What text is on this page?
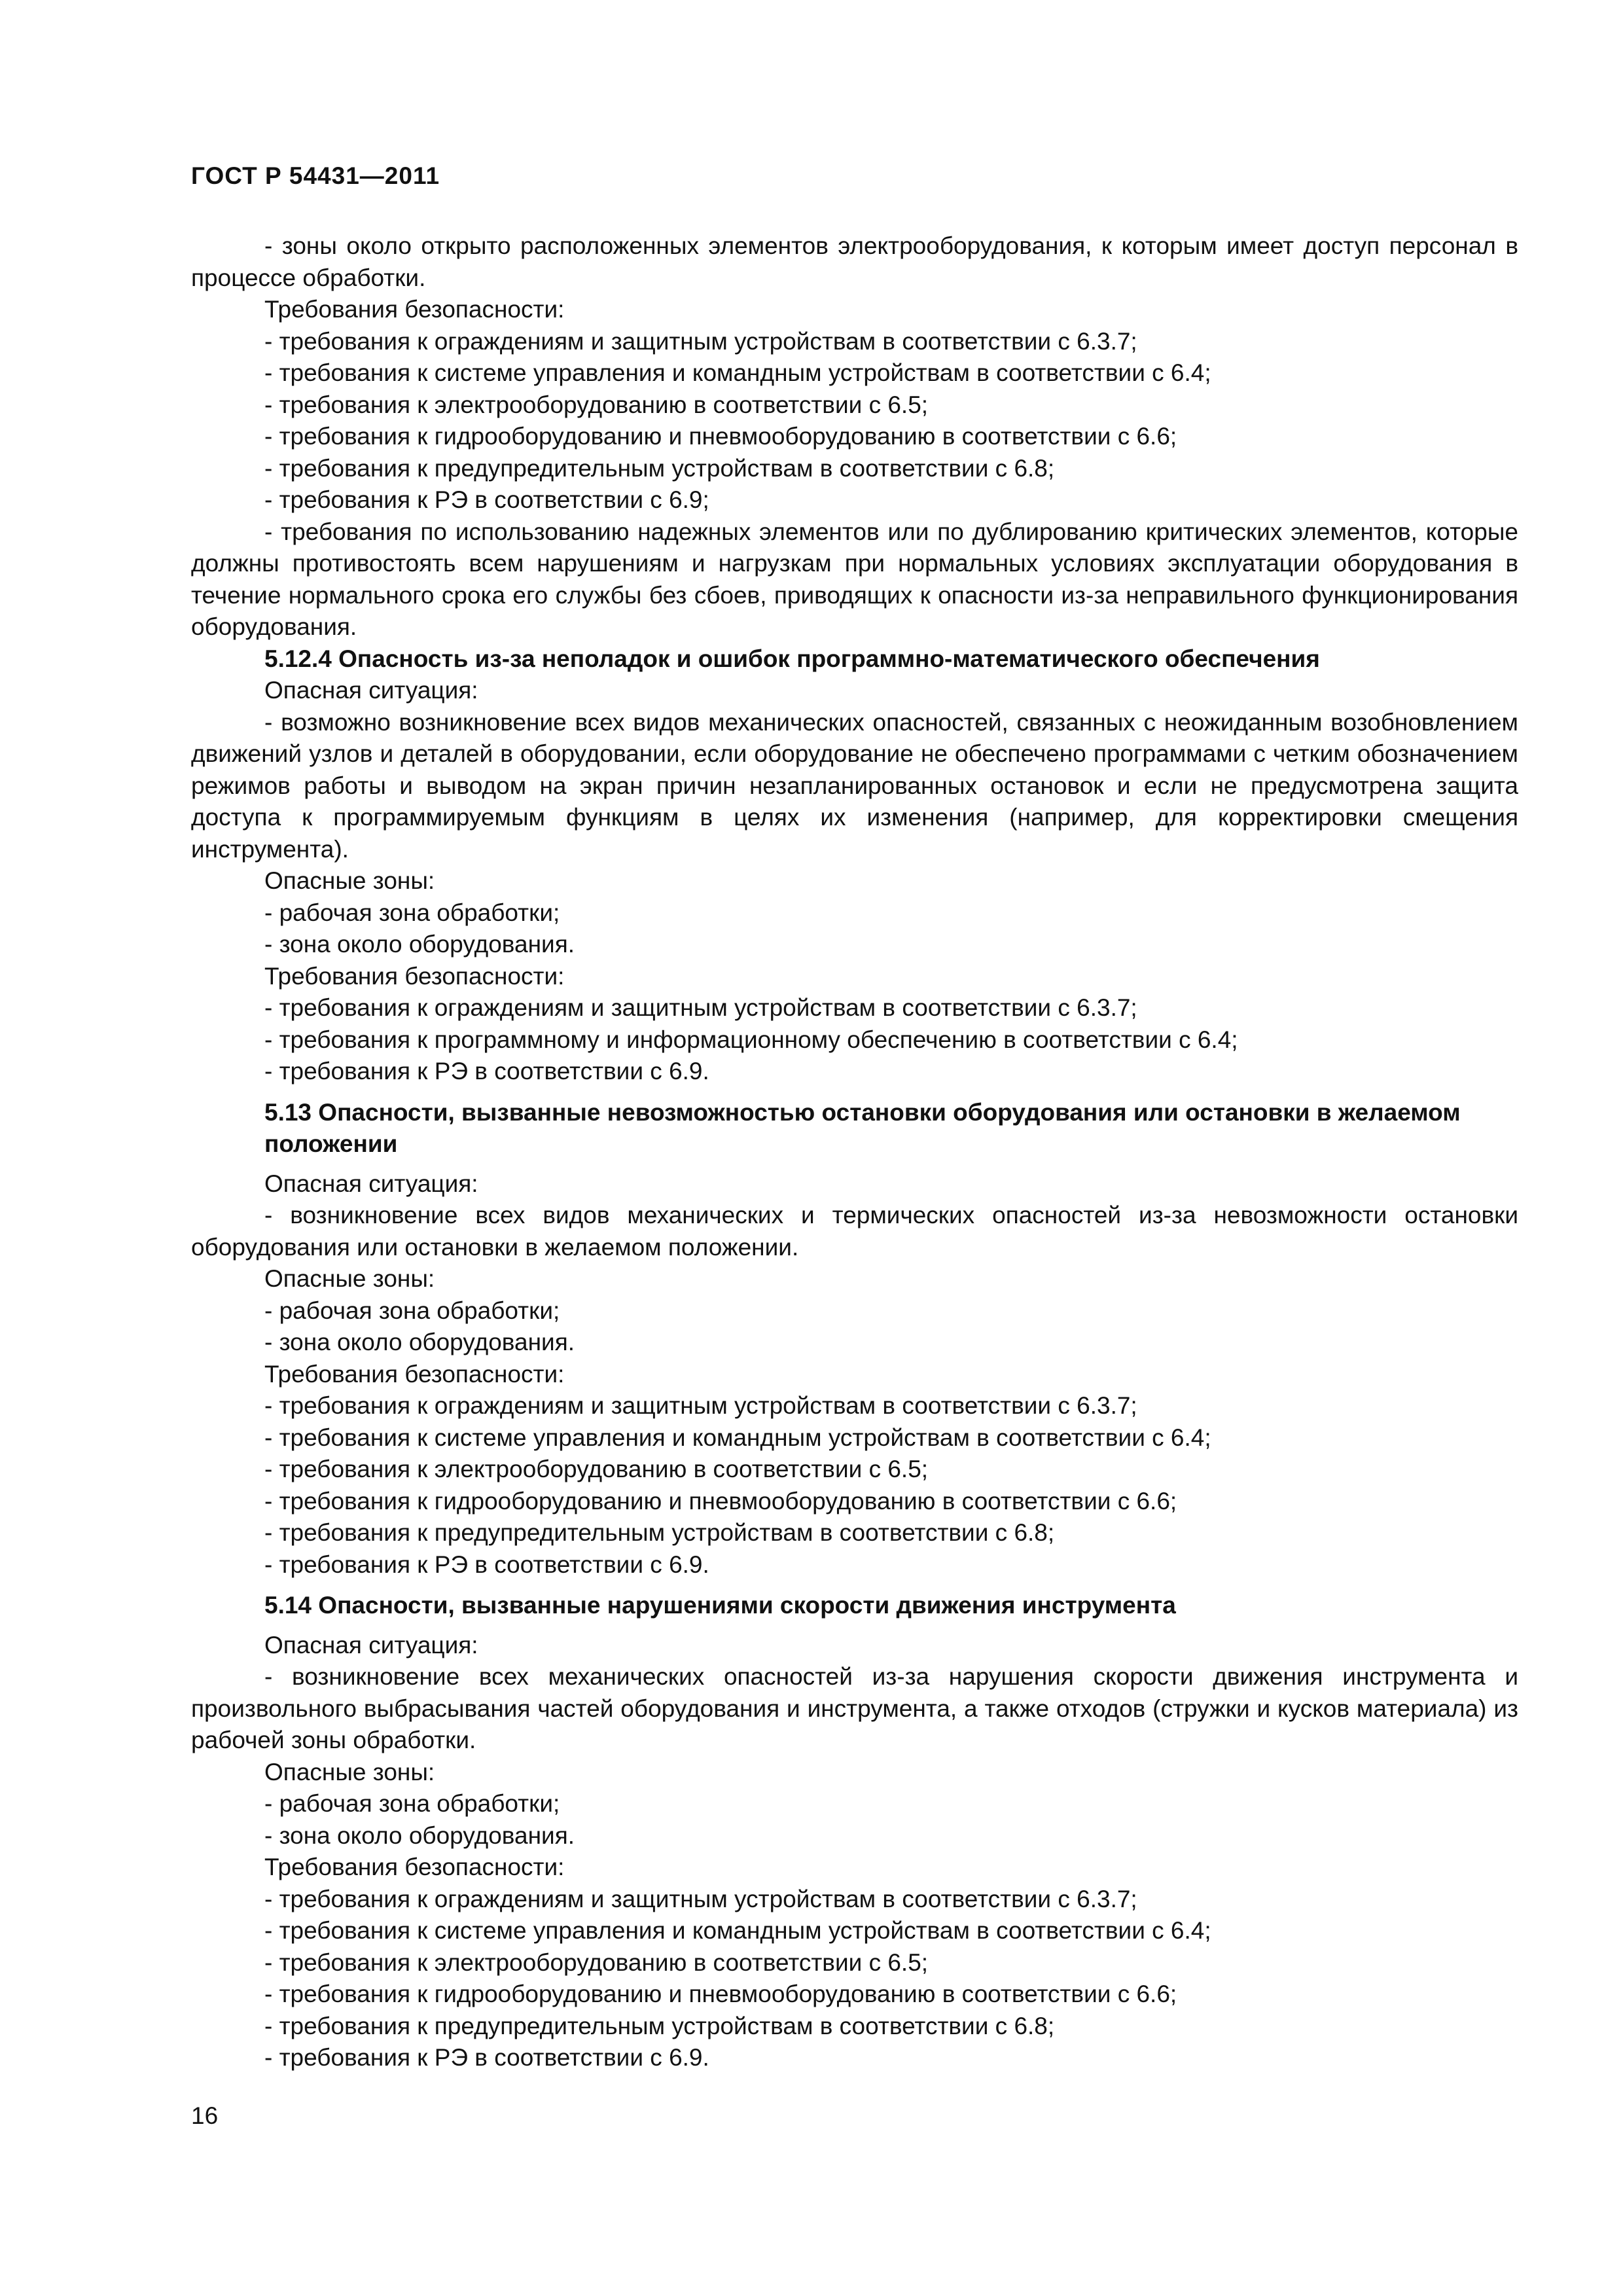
ГОСТ Р 54431—2011
- зоны около открыто расположенных элементов электрооборудования, к которым имеет доступ персонал в процессе обработки.
Требования безопасности:
- требования к ограждениям и защитным устройствам в соответствии с 6.3.7;
- требования к системе управления и командным устройствам в соответствии с 6.4;
- требования к электрооборудованию в соответствии с 6.5;
- требования к гидрооборудованию и пневмооборудованию в соответствии с 6.6;
- требования к предупредительным устройствам в соответствии с 6.8;
- требования к РЭ в соответствии с 6.9;
- требования по использованию надежных элементов или по дублированию критических элементов, которые должны противостоять всем нарушениям и нагрузкам при нормальных условиях эксплуатации оборудования в течение нормального срока его службы без сбоев, приводящих к опасности из-за неправильного функционирования оборудования.
5.12.4 Опасность из-за неполадок и ошибок программно-математического обеспечения
Опасная ситуация:
- возможно возникновение всех видов механических опасностей, связанных с неожиданным возобновлением движений узлов и деталей в оборудовании, если оборудование не обеспечено программами с четким обозначением режимов работы и выводом на экран причин незапланированных остановок и если не предусмотрена защита доступа к программируемым функциям в целях их изменения (например, для корректировки смещения инструмента).
Опасные зоны:
- рабочая зона обработки;
- зона около оборудования.
Требования безопасности:
- требования к ограждениям и защитным устройствам в соответствии с 6.3.7;
- требования к программному и информационному обеспечению в соответствии с 6.4;
- требования к РЭ в соответствии с 6.9.
5.13 Опасности, вызванные невозможностью остановки оборудования или остановки в желаемом положении
Опасная ситуация:
- возникновение всех видов механических и термических опасностей из-за невозможности остановки оборудования или остановки в желаемом положении.
Опасные зоны:
- рабочая зона обработки;
- зона около оборудования.
Требования безопасности:
- требования к ограждениям и защитным устройствам в соответствии с 6.3.7;
- требования к системе управления и командным устройствам в соответствии с 6.4;
- требования к электрооборудованию в соответствии с 6.5;
- требования к гидрооборудованию и пневмооборудованию в соответствии с 6.6;
- требования к предупредительным устройствам в соответствии с 6.8;
- требования к РЭ в соответствии с 6.9.
5.14 Опасности, вызванные нарушениями скорости движения инструмента
Опасная ситуация:
- возникновение всех механических опасностей из-за нарушения скорости движения инструмента и произвольного выбрасывания частей оборудования и инструмента, а также отходов (стружки и кусков материала) из рабочей зоны обработки.
Опасные зоны:
- рабочая зона обработки;
- зона около оборудования.
Требования безопасности:
- требования к ограждениям и защитным устройствам в соответствии с 6.3.7;
- требования к системе управления и командным устройствам в соответствии с 6.4;
- требования к электрооборудованию в соответствии с 6.5;
- требования к гидрооборудованию и пневмооборудованию в соответствии с 6.6;
- требования к предупредительным устройствам в соответствии с 6.8;
- требования к РЭ в соответствии с 6.9.
16
